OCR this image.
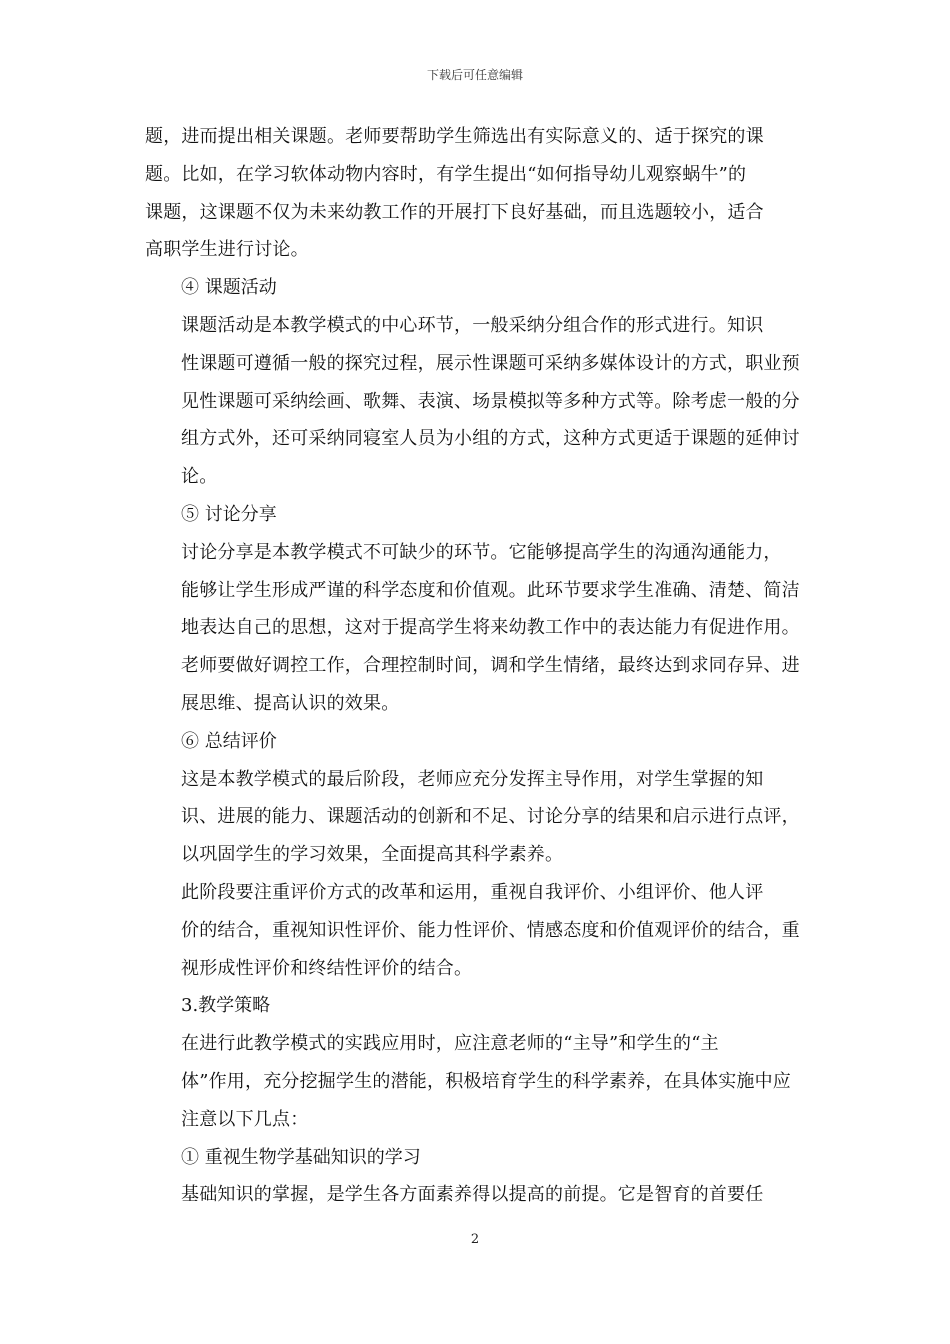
下载后可任意编辑

题，进而提出相关课题。老师要帮助学生筛选出有实际意义的、适于探究的课
题。比如，在学习软体动物内容时，有学生提出“如何指导幼儿观察蜗牛”的
课题，这课题不仅为未来幼教工作的开展打下良好基础，而且选题较小，适合
高职学生进行讨论。

④ 课题活动

课题活动是本教学模式的中心环节，一般采纳分组合作的形式进行。知识
性课题可遵循一般的探究过程，展示性课题可采纳多媒体设计的方式，职业预
见性课题可采纳绘画、歌舞、表演、场景模拟等多种方式等。除考虑一般的分
组方式外，还可采纳同寝室人员为小组的方式，这种方式更适于课题的延伸讨
论。

⑤ 讨论分享

讨论分享是本教学模式不可缺少的环节。它能够提高学生的沟通沟通能力，
能够让学生形成严谨的科学态度和价值观。此环节要求学生准确、清楚、简洁
地表达自己的思想，这对于提高学生将来幼教工作中的表达能力有促进作用。
老师要做好调控工作，合理控制时间，调和学生情绪，最终达到求同存异、进
展思维、提高认识的效果。

⑥ 总结评价

这是本教学模式的最后阶段，老师应充分发挥主导作用，对学生掌握的知
识、进展的能力、课题活动的创新和不足、讨论分享的结果和启示进行点评，
以巩固学生的学习效果，全面提高其科学素养。

此阶段要注重评价方式的改革和运用，重视自我评价、小组评价、他人评
价的结合，重视知识性评价、能力性评价、情感态度和价值观评价的结合，重
视形成性评价和终结性评价的结合。

3.教学策略

在进行此教学模式的实践应用时，应注意老师的“主导”和学生的“主
体”作用，充分挖掘学生的潜能，积极培育学生的科学素养，在具体实施中应
注意以下几点：

① 重视生物学基础知识的学习

基础知识的掌握，是学生各方面素养得以提高的前提。它是智育的首要任

2
